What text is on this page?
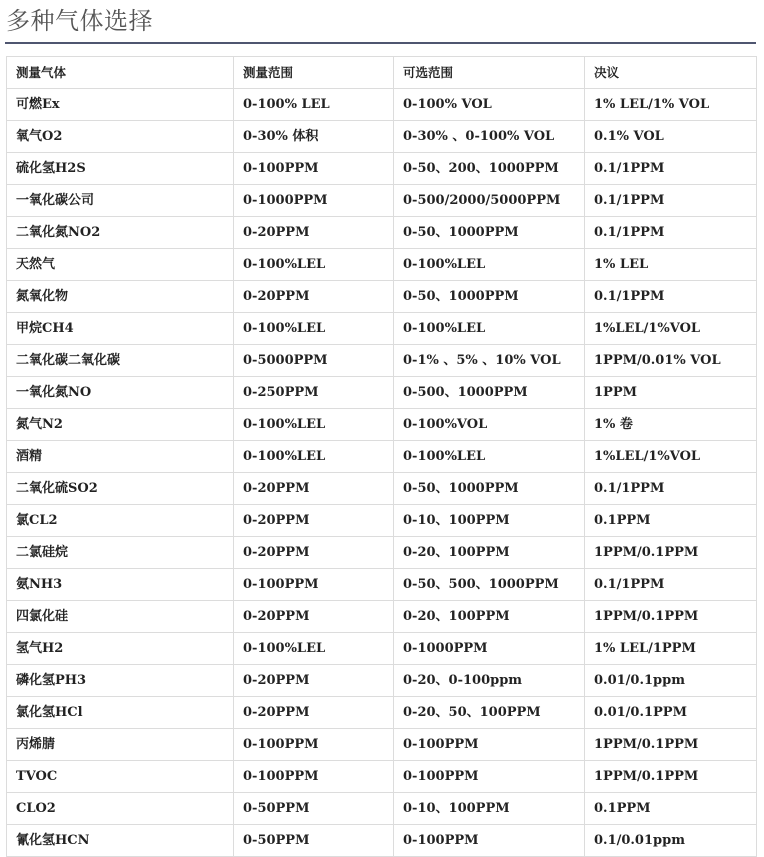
多种气体选择
测量气体	测量范围	可选范围	决议
可燃Ex	0-100% LEL	0-100% VOL	1% LEL/1% VOL
氧气O2	0-30% 体积	0-30% 、0-100% VOL	0.1% VOL
硫化氢H2S	0-100PPM	0-50、200、1000PPM	0.1/1PPM
一氧化碳公司	0-1000PPM	0-500/2000/5000PPM	0.1/1PPM
二氧化氮NO2	0-20PPM	0-50、1000PPM	0.1/1PPM
天然气	0-100%LEL	0-100%LEL	1% LEL
氮氧化物	0-20PPM	0-50、1000PPM	0.1/1PPM
甲烷CH4	0-100%LEL	0-100%LEL	1%LEL/1%VOL
二氧化碳二氧化碳	0-5000PPM	0-1% 、5% 、10% VOL	1PPM/0.01% VOL
一氧化氮NO	0-250PPM	0-500、1000PPM	1PPM
氮气N2	0-100%LEL	0-100%VOL	1% 卷
酒精	0-100%LEL	0-100%LEL	1%LEL/1%VOL
二氧化硫SO2	0-20PPM	0-50、1000PPM	0.1/1PPM
氯CL2	0-20PPM	0-10、100PPM	0.1PPM
二氯硅烷	0-20PPM	0-20、100PPM	1PPM/0.1PPM
氨NH3	0-100PPM	0-50、500、1000PPM	0.1/1PPM
四氯化硅	0-20PPM	0-20、100PPM	1PPM/0.1PPM
氢气H2	0-100%LEL	0-1000PPM	1% LEL/1PPM
磷化氢PH3	0-20PPM	0-20、0-100ppm	0.01/0.1ppm
氯化氢HCl	0-20PPM	0-20、50、100PPM	0.01/0.1PPM
丙烯腈	0-100PPM	0-100PPM	1PPM/0.1PPM
TVOC	0-100PPM	0-100PPM	1PPM/0.1PPM
CLO2	0-50PPM	0-10、100PPM	0.1PPM
氰化氢HCN	0-50PPM	0-100PPM	0.1/0.01ppm
